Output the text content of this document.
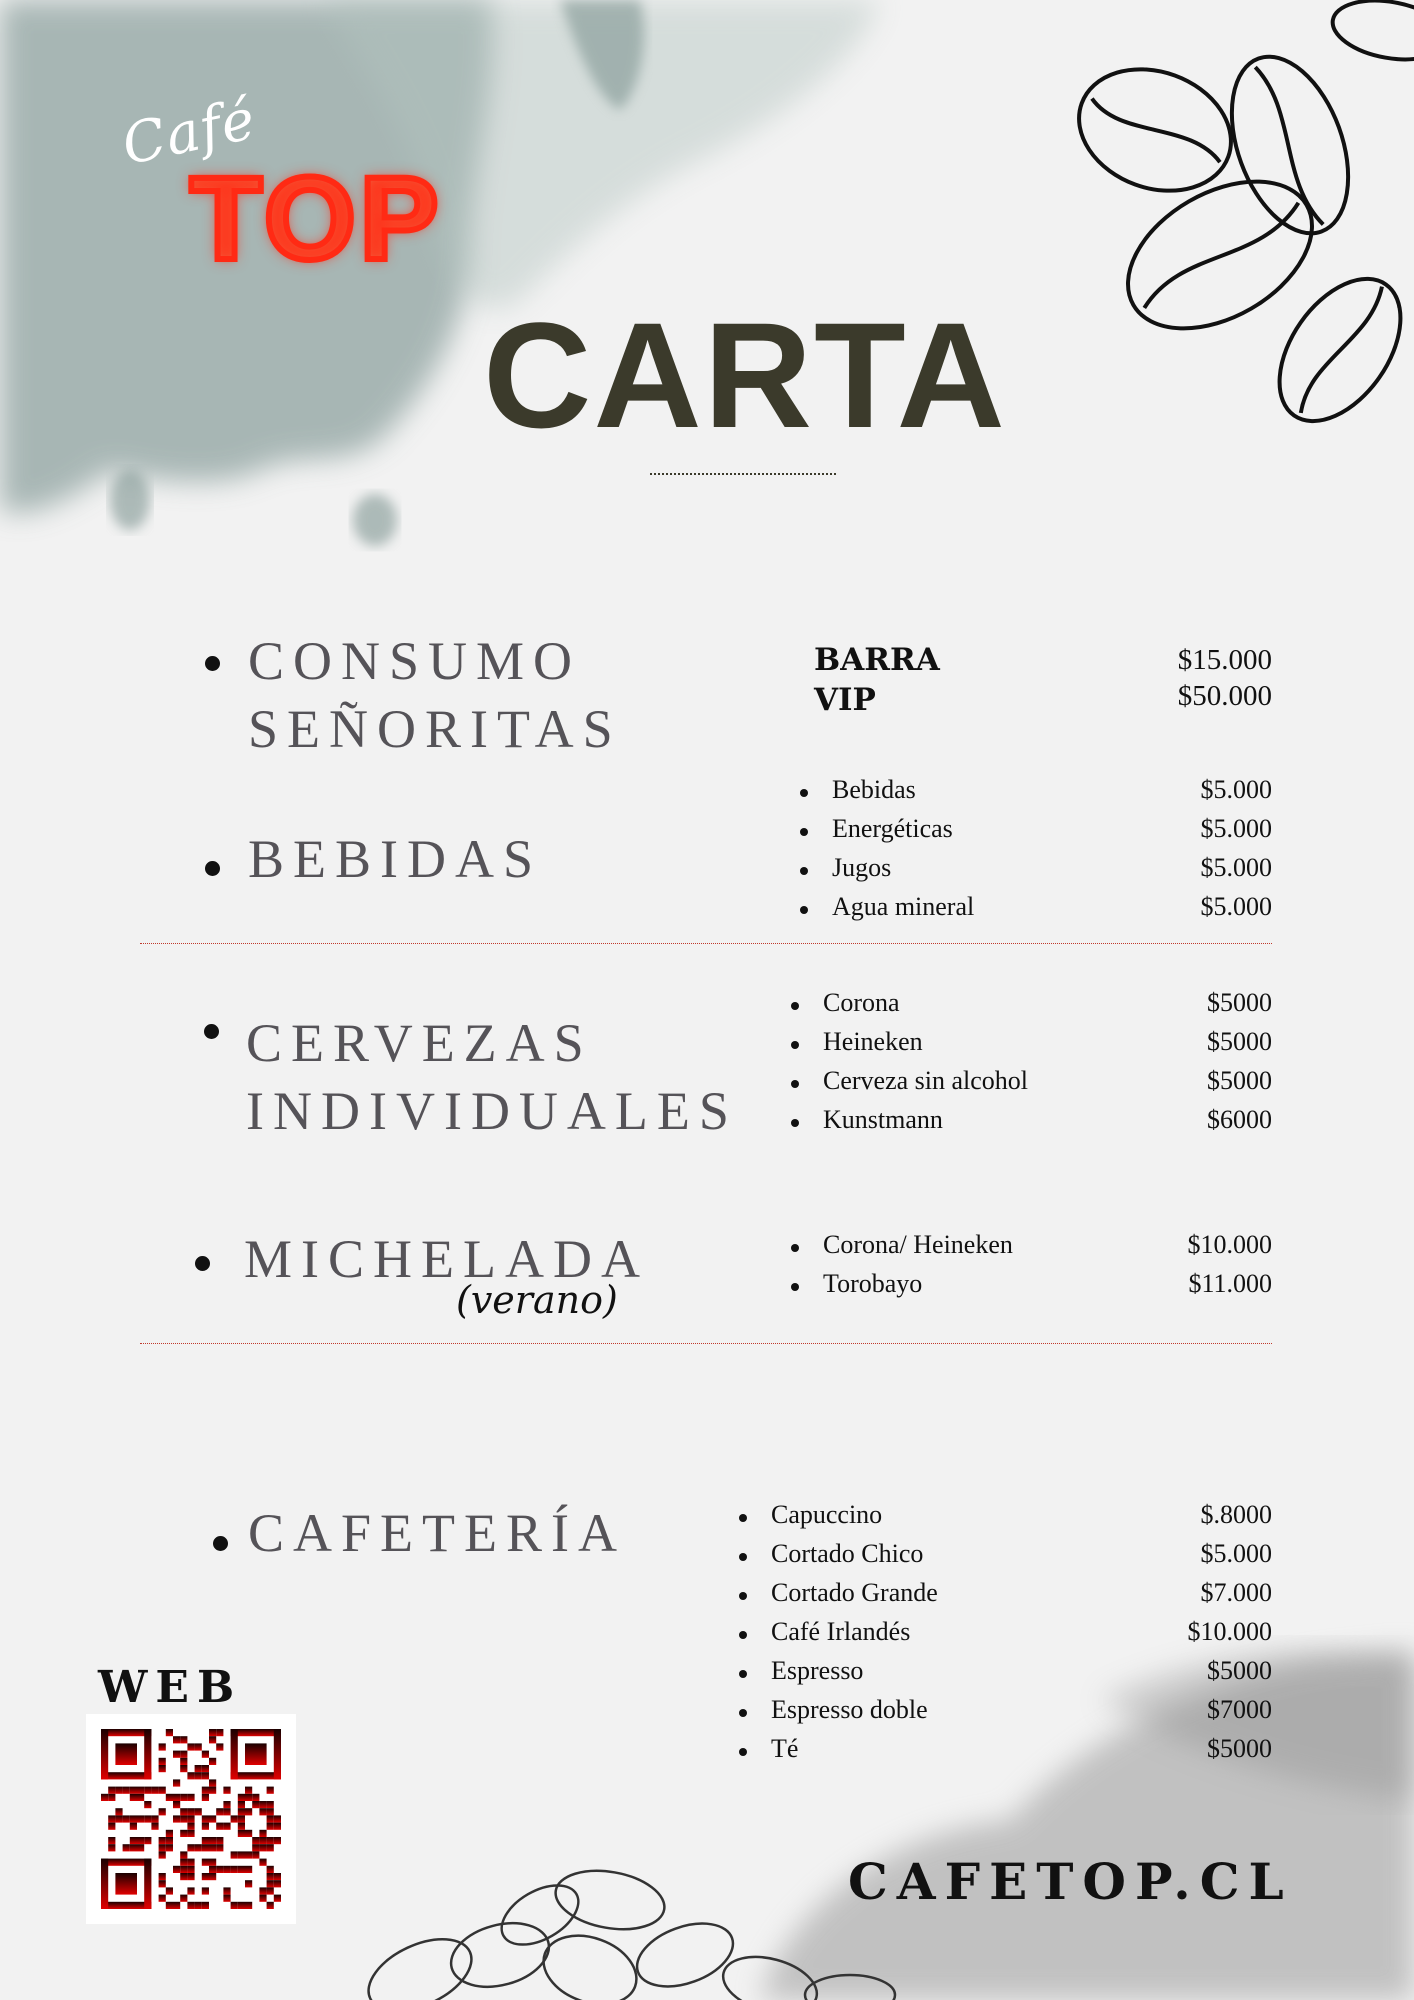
Café
TOP
CARTA
CONSUMO
SEÑORITAS
BARRA	$15.000
VIP	$50.000
BEBIDAS
Bebidas	$5.000
Energéticas	$5.000
Jugos	$5.000
Agua mineral	$5.000
CERVEZAS
INDIVIDUALES
Corona	$5000
Heineken	$5000
Cerveza sin alcohol	$5000
Kunstmann	$6000
MICHELADA
(verano)
Corona/ Heineken	$10.000
Torobayo	$11.000
CAFETERÍA	Capuccino	$.8000
Cortado Chico	$5.000
Cortado Grande	$7.000
Café Irlandés	$10.000
Espresso	$5000
Espresso doble	$7000
Té	$5000
WEB
CAFETOP.CL
